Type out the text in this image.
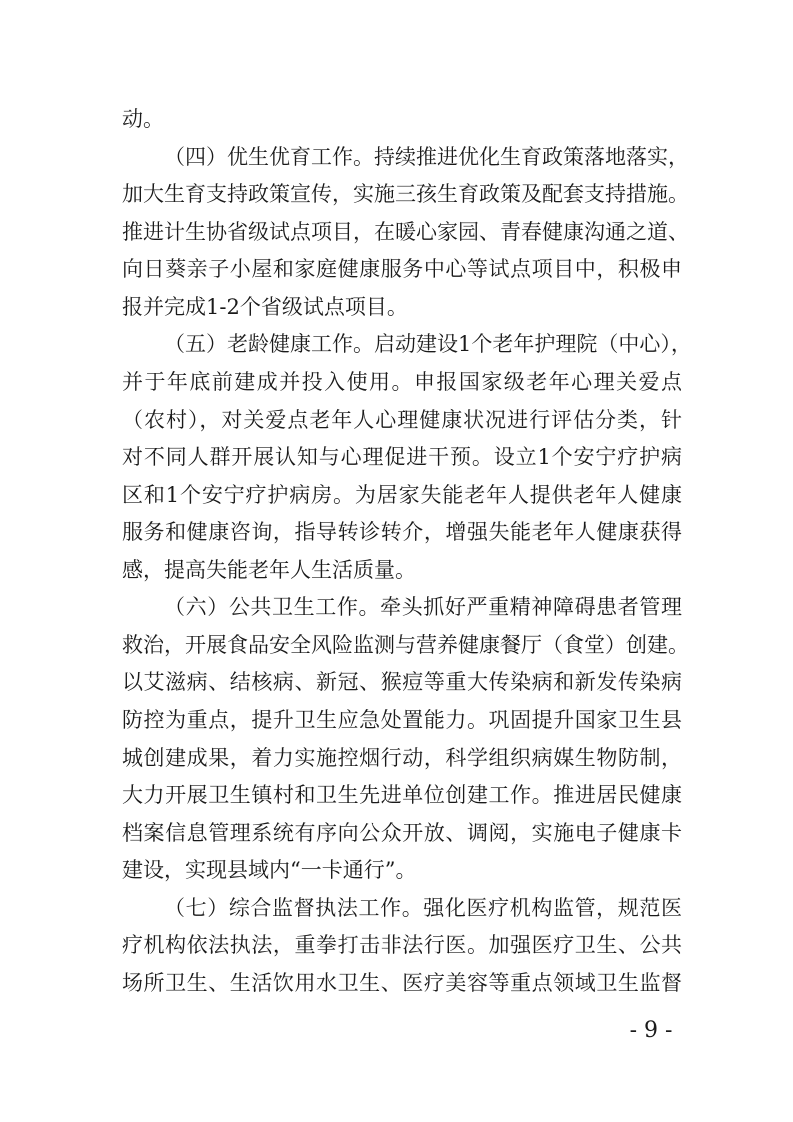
动。
（四）优生优育工作。持续推进优化生育政策落地落实，
加大生育支持政策宣传，实施三孩生育政策及配套支持措施。
推进计生协省级试点项目，在暖心家园、青春健康沟通之道、
向日葵亲子小屋和家庭健康服务中心等试点项目中，积极申
报并完成1-2个省级试点项目。
（五）老龄健康工作。启动建设1个老年护理院（中心），
并于年底前建成并投入使用。申报国家级老年心理关爱点
（农村），对关爱点老年人心理健康状况进行评估分类，针
对不同人群开展认知与心理促进干预。设立1个安宁疗护病
区和1个安宁疗护病房。为居家失能老年人提供老年人健康
服务和健康咨询，指导转诊转介，增强失能老年人健康获得
感，提高失能老年人生活质量。
（六）公共卫生工作。牵头抓好严重精神障碍患者管理
救治，开展食品安全风险监测与营养健康餐厅（食堂）创建。
以艾滋病、结核病、新冠、猴痘等重大传染病和新发传染病
防控为重点，提升卫生应急处置能力。巩固提升国家卫生县
城创建成果，着力实施控烟行动，科学组织病媒生物防制，
大力开展卫生镇村和卫生先进单位创建工作。推进居民健康
档案信息管理系统有序向公众开放、调阅，实施电子健康卡
建设，实现县域内“一卡通行”。
（七）综合监督执法工作。强化医疗机构监管，规范医
疗机构依法执法，重拳打击非法行医。加强医疗卫生、公共
场所卫生、生活饮用水卫生、医疗美容等重点领域卫生监督
- 9 -
